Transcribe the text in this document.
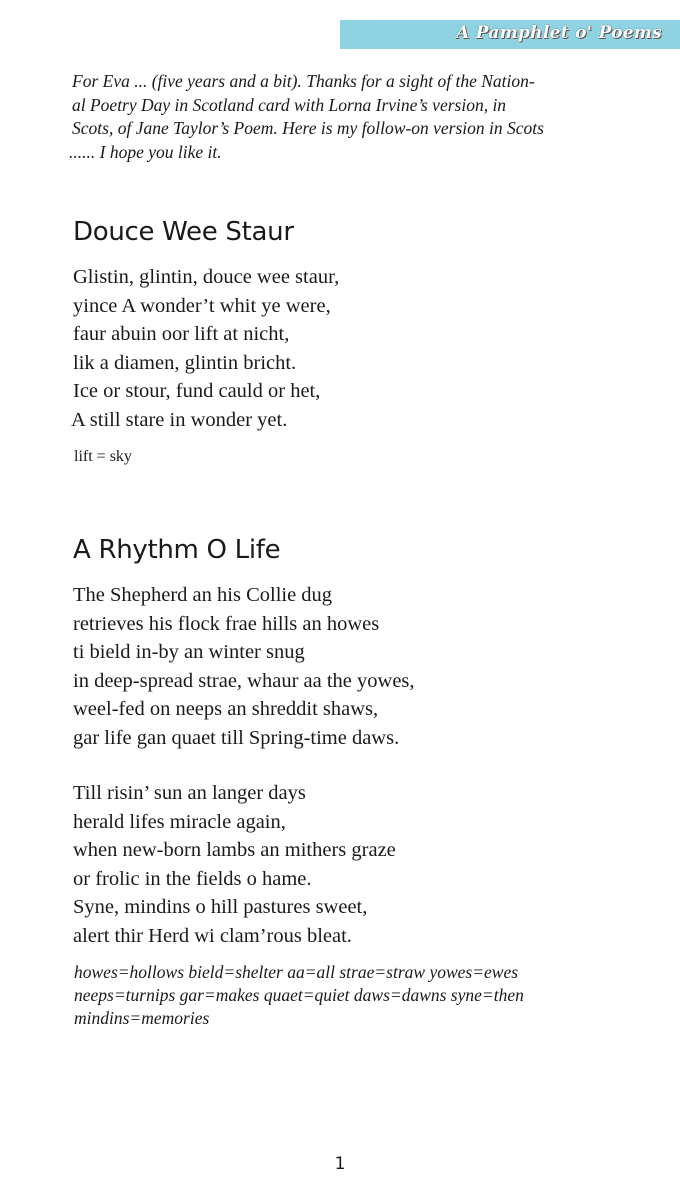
A Pamphlet o' Poems

For Eva ... (five years and a bit). Thanks for a sight of the Nation-
al Poetry Day in Scotland card with Lorna Irvine’s version, in
Scots, of Jane Taylor’s Poem. Here is my follow-on version in Scots
...... I hope you like it.

Douce Wee Staur

Glistin, glintin, douce wee staur,
yince A wonder’t whit ye were,
faur abuin oor lift at nicht,
lik a diamen, glintin bricht.
Ice or stour, fund cauld or het,
A still stare in wonder yet.

lift = sky

A Rhythm O Life

The Shepherd an his Collie dug
retrieves his flock frae hills an howes
ti bield in-by an winter snug
in deep-spread strae, whaur aa the yowes,
weel-fed on neeps an shreddit shaws,
gar life gan quaet till Spring-time daws.

Till risin’ sun an langer days
herald lifes miracle again,
when new-born lambs an mithers graze
or frolic in the fields o hame.
Syne, mindins o hill pastures sweet,
alert thir Herd wi clam’rous bleat.

howes=hollows bield=shelter aa=all strae=straw yowes=ewes
neeps=turnips gar=makes quaet=quiet daws=dawns syne=then
mindins=memories

1
